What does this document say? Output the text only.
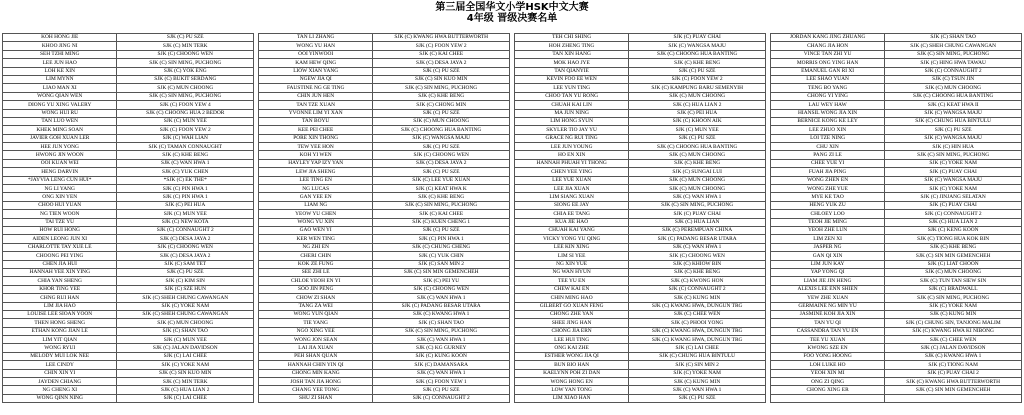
第三届全国华文小学HSK中文大赛
4年级 晋级决赛名单
KOH HONG JIE	SJK (C) PU SZE		TAN LI ZHANG	SJK (C) KWANG HWA BUTTERWORTH		TEH CHI SHING	SJK (C) PUAY CHAI		JORDAN KANG JING ZHUANG	SJK (C) SHAN TAO
KHOO JING NI	SJK (C) MIN TERK		WONG YU HAN	SJK (C) FOON YEW 2		HOH ZHENG TING	SJK (C) WANGSA MAJU		CHANG JIA HON	SJK (C) SHEH CHUNG CAWANGAN
SEH TZHI MING	SJK (C) CHOONG WEN		OOI YINWOOI	SJK (C) KAI CHEE		TAN XIN HANG	SJK (C) CHOONG HUA BANTING		VINCE TAN ZHI YU	SJK (C) SIN MING, PUCHONG
LEE JUN HAO	SJK (C) SIN MING, PUCHONG		KAM HEW QING	SJK (C) DESA JAYA 2		MOK HAO JYE	SJK (C) KHE BENG		MORRIS ONG YING HAN	SJK (C) HING HWA TAWAU
LOH KE XIN	SJK (C) YOK ENG		LIOW XIAN YANG	SJK (C) PU SZE		TAN QIANYIE	SJK (C) PU SZE		EMANUEL GAN RI XI	SJK (C) CONNAUGHT 2
LIM MYNN	SJK (C) BUKIT SERDANG		NGEW JIA QI	SJK (C) SIN KUO MIN		KEVIN FOO EE WEN	SJK (C) FOON YEW 2		LEE SHAO YUAN	SJK (C) TSUN JIN
LIAO MAN XI	SJK (C) MUN CHOONG		FAUSTINE NG GE TING	SJK (C) SIN MING, PUCHONG		LEE YUN TING	SJK (C) KAMPUNG BARU SEMENYIH		TENG BO YANG	SJK (C) MUN CHOONG
WONG QIAN WEN	SJK (C) SIN MING, PUCHONG		CHIN JUN HEN	SJK (C) KHE BENG		CHOO TAN YU RONG	SJK (C) MUN CHOONG		CHONG YI YING	SJK (C) CHOONG HUA BANTING
DIONG YU XING VALERY	SJK (C) FOON YEW 4		TAN TZE XUAN	SJK (C) CHONG MIN		CHUAH KAI LIN	SJK (C) HUA LIAN 2		LAU WEY HAW	SJK (C) KEAT HWA II
WONG HUI RU	SJK (C) CHOONG HUA 2 BEDOR		YVONNE LIM YI XAN	SJK (C) PU SZE		MA JUN NING	SJK (C) PEI HUA		HIANSIL WONG JIA XIN	SJK (C) WANGSA MAJU
TAN LUO WEN	SJK (C) MUN YEE		TAN BOYU	SJK (C) MUN CHOONG		LIM HONG SYUN	SJK (C) KHOON AIK		BERNICE KONG KE LEY	SJK (C) CHUNG HUA BINTULU
KHEK MING SOAN	SJK (C) FOON YEW 2		KEE PEI CHEE	SJK (C) CHOONG HUA BANTING		SKYLER TIO JAY YU	SJK (C) MUN YEE		LEE ZHUO XIN	SJK (C) PU SZE
JAVIER GOH XUAN LER	SJK (C) WAH LIAN		PORE XIN THONG	SJK (C) WANGSA MAJU		GRACE NG RUI TING	SJK (C) PU SZE		LOI TZE NING	SJK (C) WANGSA MAJU
HEE JUN YONG	SJK (C) TAMAN CONNAUGHT		TEW YEE HON	SJK (C) PU SZE		LEE JUN YOUNG	SJK (C) CHOONG HUA BANTING		CHU XIN	SJK (C) HIN HUA
HWONG JIN WOON	SJK (C) KHE BENG		KOH YI WEN	SJK (C) CHOONG WEN		HO EN XIN	SJK (C) MUN CHOONG		PANG ZI LE	SJK (C) SIN MING, PUCHONG
OOI KUAN WEI	SJK (C) WAN HWA 1		HAYLEY YAP IZY YAN	SJK (C) DESA JAYA 2		HANNAH PHUAH YI THONG	SJK (C) KHE BENG		CHEE YUE YI	SJK (C) YOKE NAM
HENG DARVIN	SJK (C) YUK CHEN		LEW JIA SHENG	SJK (C) PU SZE		CHEN YEE YING	SJK (C) SUNGAI LUI		FUAH JIA PING	SJK (C) PUAY CHAI
*JAYVIA LENG CUN HUI*	*SJK (C) EK THE*		LEE TING EN	SJK (C) LEE YUE XUAN		LEE YUE XUAN	SJK (C) MUN CHOONG		WONG ZHEN EN	SJK (C) WANGSA MAJU
NG LI YANG	SJK (C) PIN HWA 1		NG LUCAS	SJK (C) KEAT HWA K		LEE JIA XUAN	SJK (C) MUN CHOONG		WONG ZHE YUE	SJK (C) YOKE NAM
ONG XIN YEN	SJK (C) PIN HWA 1		GAN YEE EN	SJK (C) KHE BENG		LIM SIANG XUAN	SJK (C) WAN HWA 1		MYE KE TAO	SJK (C) JINJANG SELATAN
CHOO HUI YUAN	SJK (C) PEI HUA		LIAM NG	SJK (C) SIN MING, PUCHONG		SIONG EE JAY	SJK (C) SIN MING, PUCHONG		HENG YUK ZU	SJK (C) PUAY CHAI
NG TIEN WOON	SJK (C) MUN YEE		YEOW YU CHEN	SJK (C) KAI CHEE		CHIA EE TANG	SJK (C) PUAY CHAI		CHLOEY LOO	SJK (C) CONNAUGHT 2
TAI TZE YU	SJK (C) NEW KOTA		WONG YU XIN	SJK (C) KUEN CHENG 1		KUA JIE HAO	SJK (C) HUA LIAN		TEOH JIE MING	SJK (C) HUA LIAN 2
HOW RUI HONG	SJK (C) CONNAUGHT 2		GAO WEN YI	SJK (C) PU SZE		CHUAH KAI YANG	SJK (C) PEREMPUAN CHINA		YEOH ZHE LUN	SJK (C) KENG KOON
AIDEN LEONG JUN XI	SJK (C) DESA JAYA 2		KER WEN TING	SJK (C) PIN HWA 1		VICKY YONG YU QING	SJK (C) PADANG BESAR UTARA		LIM ZEN XI	SJK (C) TIONG HUA KOK BIN
CHARLOTTE TAY XUE LE	SJK (C) CHOONG WEN		NG ZHI EN	SJK (C) CHUNG CHENG		LEE KIN XING	SJK (C) WAN HWA 1		JASPER NG	SJK (C) KHE BENG
CHOONG PEI YING	SJK (C) DESA JAYA 2		CHERI CHIN	SJK (C) YUK CHIN		LIM SI YEE	SJK (C) CHOONG WEN		GAN QI XIN	SJK (C) SIN MIN GEMENCHEH
CHEN JIA HUI	SJK (C) SAM TET		KOK ZE FUNG	SJK (C) SAN MIN 2		NG XIN YUE	SJK (C) KHIOW BIN		LIM JUN KAY	SJK (C) LIAT CHOON
HANNAH YEE XIN YING	SJK (C) PU SZE		SEE ZHI LE	SJK (C) SIN MIN GEMENCHEH		NG WAN HYUN	SJK (C) KHE BENG		YAP YONG QI	SJK (C) MUN CHOONG
CHIA YAN SHENG	SJK (C) KIM SIN		CHLOE YEOH EN YI	SJK (C) PEI YU		TEE YU EN	SJK (C) KWONG HON		LIAM JIE JIN HENG	SJK (C) TUN TAN SIEW SIN
KHOR TING YEE	SJK (C) SZE HUN		SOO JIN PENG	SJK (C) CHOONG WEN		CHEW KAI EN	SJK (C) CONNAUGHT 2		ALEXIS LEE ENN SHIEN	SJK (C) BRADWALL
CHNG RUI HAN	SJK (C) SHEH CHUNG CAWANGAN		CHOW ZI SHAN	SJK (C) WAN HWA 1		CHIN MING HAO	SJK (C) KUNG MIN		YEW ZHE XUAN	SJK (C) SIN MING, PUCHONG
LIM JIA HAO	SJK (C) YOKE NAM		TANG ZA WEI	SJK (C) PADANG BESAR UTARA		GILBERT GO XUAN FENG	SJK (C) KWANG HWA, DUNGUN TRG		GERMAINE NG MIN YU	SJK (C) YOKE NAM
LOUISE LEE SIOAN YOON	SJK (C) SHEH CHUNG CAWANGAN		WONG YUN QIAN	SJK (C) KWANG HWA 1		CHONG ZHE YAN	SJK (C) CHEE WEN		JASMINE KOH JIA XIN	SJK (C) KUNG MIN
THEN HONG SHENG	SJK (C) MUN CHOONG		TIE YANG	SJK (C) SHAN TAO		SHEE JING HAN	SJK (C) PHOOI YONG		TAN YU QI	SJK (C) CHUNG SIN, TANJONG MALIM
ETHAN KONG JIAN LE	SJK (C) SHAN TAO		NGO XING YEE	SJK (C) SIN MING, PUCHONG		CHONG JIA ERN	SJK (C) KWANG HWA, DUNGUN TRG		CASSANDRA TAN YU EN	SJK (C) KWANG HWA KI NIBONG
LIM YIT QIAN	SJK (C) MUN YEE		WONG JON SEAN	SJK (C) WAN HWA 1		LEE HUI TING	SJK (C) KWANG HWA, DUNGUN TRG		TEE YU XUAN	SJK (C) CHEE WEN
WONG RYUI	SJK (C) JALAN DAVIDSON		LAI JIA XUAN	SJK (C) KG GURNEY		ONG KAI ZHE	SJK (C) LAI CHEE		KWONG SZE EN	SJK (C) JALAN DAVIDSON
MELODY MUI LOK NEE	SJK (C) LAI CHEE		PEH SHAN QUAN	SJK (C) KUNG KOON		ESTHER WONG JIA QI	SJK (C) CHUNG HUA BINTULU		FOO YONG HOONG	SJK (C) KWANG HWA 1
LEE CINDY	SJK (C) YOKE NAM		HANNAH CHIN YIN QI	SJK (C) DAMANSARA		BUN BIO HAN	SJK (C) SIN MIN 2		LOH LUKE HO	SJK (C) TIONG NAM
CHIN XIN YI	SJK (C) SIN KUO MIN		CHONG MIN KANG	SJK (C) WAN HWA 1		KAELYNN POH ZI DAN	SJK (C) YOKE NAM		YEOH XIN MI	SJK (C) PUAY CHAI 2
JAYDEN CHIANG	SJK (C) MIN TERK		JOSH TAN JIA HONG	SJK (C) FOON YEW 1		WONG HONG EN	SJK (C) KUNG MIN		ONG ZI QING	SJK (C) KWANG HWA BUTTERWORTH
NG CHENG XI	SJK (C) HUA LIAN 2		CHANG YEE TONG	SJK (C) PU SZE		LOW YAN TONG	SJK (C) WAN HWA 1		CHONG XING ER	SJK (C) SIN MIN GEMENCHEH
WONG QINN NING	SJK (C) LAI CHEE		SHU ZI SHAN	SJK (C) CONNAUGHT 2		LIM XIAO HAN	SJK (C) PU SZE			
